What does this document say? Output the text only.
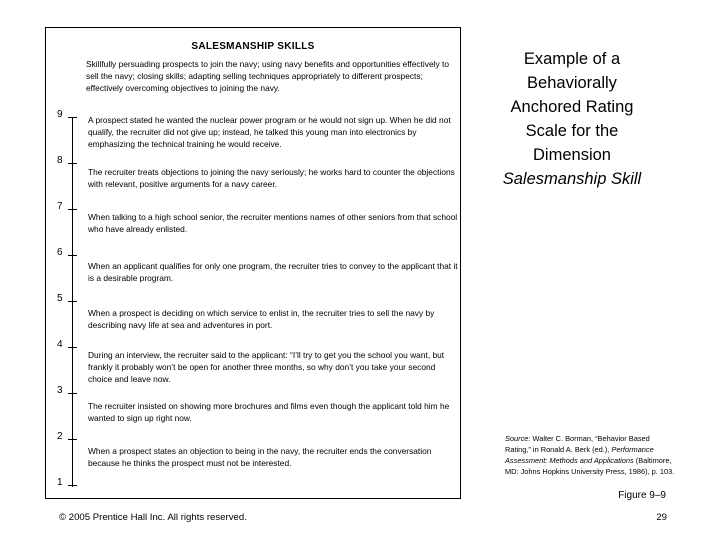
SALESMANSHIP SKILLS
Skillfully persuading prospects to join the navy; using navy benefits and opportunities effectively to sell the navy; closing skills; adapting selling techniques appropriately to different prospects; effectively overcoming objectives to joining the navy.
9
8
7
6
5
4
3
2
1
A prospect stated he wanted the nuclear power program or he would not sign up. When he did not qualify, the recruiter did not give up; instead, he talked this young man into electronics by emphasizing the technical training he would receive.
The recruiter treats objections to joining the navy seriously; he works hard to counter the objections with relevant, positive arguments for a navy career.
When talking to a high school senior, the recruiter mentions names of other seniors from that school who have already enlisted.
When an applicant qualifies for only one program, the recruiter tries to convey to the applicant that it is a desirable program.
When a prospect is deciding on which service to enlist in, the recruiter tries to sell the navy by describing navy life at sea and adventures in port.
During an interview, the recruiter said to the applicant: “I’ll try to get you the school you want, but frankly it probably won’t be open for another three months, so why don’t you take your second choice and leave now.
The recruiter insisted on showing more brochures and films even though the applicant told him he wanted to sign up right now.
When a prospect states an objection to being in the navy, the recruiter ends the conversation because he thinks the prospect must not be interested.
Example of a
Behaviorally
Anchored Rating
Scale for the
Dimension
Salesmanship Skill
Source: Walter C. Borman, “Behavior Based Rating,” in Ronald A. Berk (ed.), Performance Assessment: Methods and Applications (Baltimore, MD: Johns Hopkins University Press, 1986), p. 103.
Figure 9–9
© 2005 Prentice Hall Inc. All rights reserved.	29
